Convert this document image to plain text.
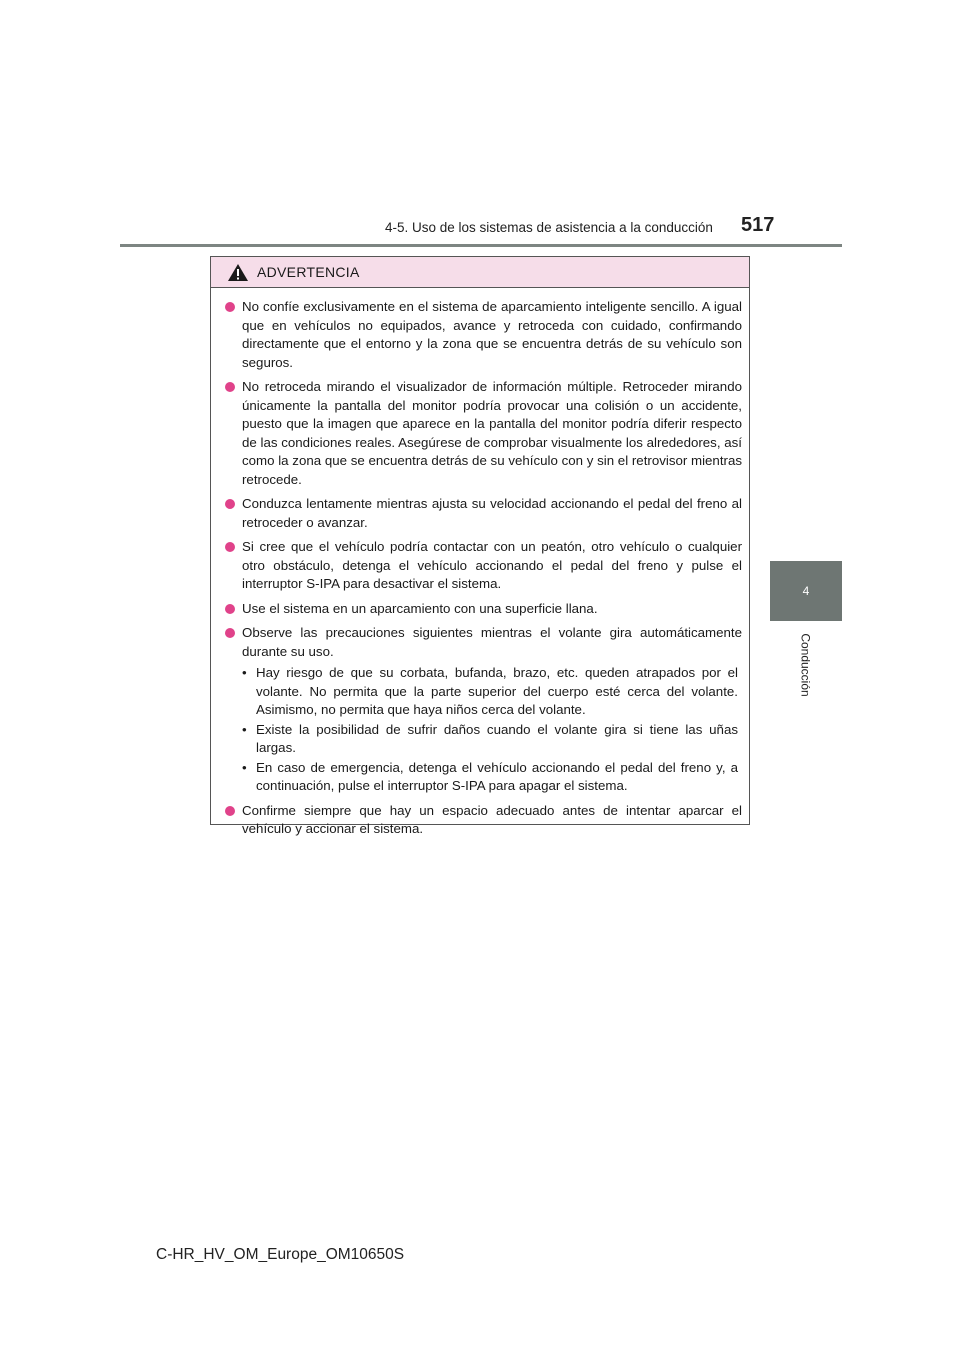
4-5. Uso de los sistemas de asistencia a la conducción 517
4
Conducción
ADVERTENCIA
No confíe exclusivamente en el sistema de aparcamiento inteligente sencillo. A igual que en vehículos no equipados, avance y retroceda con cuidado, confirmando directamente que el entorno y la zona que se encuentra detrás de su vehículo son seguros.
No retroceda mirando el visualizador de información múltiple. Retroceder mirando únicamente la pantalla del monitor podría provocar una colisión o un accidente, puesto que la imagen que aparece en la pantalla del monitor podría diferir respecto de las condiciones reales. Asegúrese de comprobar visualmente los alrededores, así como la zona que se encuentra detrás de su vehículo con y sin el retrovisor mientras retrocede.
Conduzca lentamente mientras ajusta su velocidad accionando el pedal del freno al retroceder o avanzar.
Si cree que el vehículo podría contactar con un peatón, otro vehículo o cualquier otro obstáculo, detenga el vehículo accionando el pedal del freno y pulse el interruptor S-IPA para desactivar el sistema.
Use el sistema en un aparcamiento con una superficie llana.
Observe las precauciones siguientes mientras el volante gira automáticamente durante su uso.
• Hay riesgo de que su corbata, bufanda, brazo, etc. queden atrapados por el volante. No permita que la parte superior del cuerpo esté cerca del volante. Asimismo, no permita que haya niños cerca del volante.
• Existe la posibilidad de sufrir daños cuando el volante gira si tiene las uñas largas.
• En caso de emergencia, detenga el vehículo accionando el pedal del freno y, a continuación, pulse el interruptor S-IPA para apagar el sistema.
Confirme siempre que hay un espacio adecuado antes de intentar aparcar el vehículo y accionar el sistema.
C-HR_HV_OM_Europe_OM10650S
